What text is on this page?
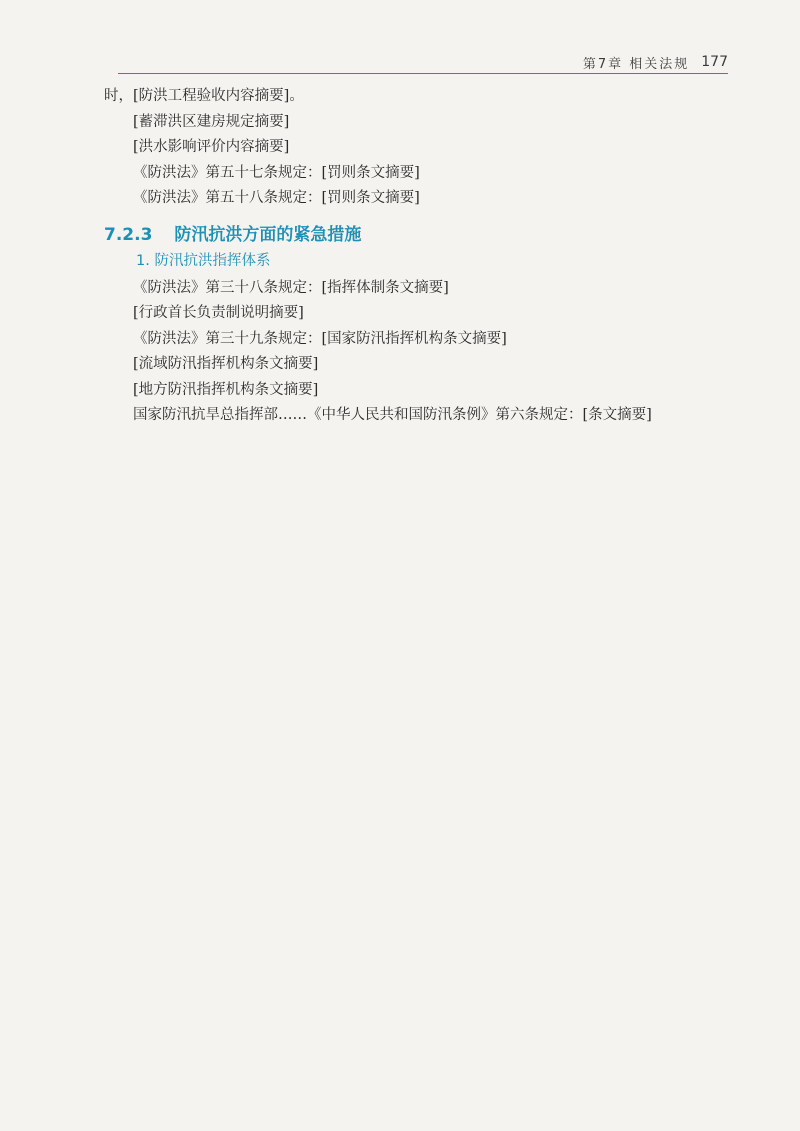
第7章 相关法规 177

时，[防洪工程验收内容摘要]。

[蓄滞洪区建房规定摘要]

[洪水影响评价内容摘要]

《防洪法》第五十七条规定：[罚则条文摘要]

《防洪法》第五十八条规定：[罚则条文摘要]

7.2.3 防汛抗洪方面的紧急措施
1. 防汛抗洪指挥体系

《防洪法》第三十八条规定：[指挥体制条文摘要]

[行政首长负责制说明摘要]

《防洪法》第三十九条规定：[国家防汛指挥机构条文摘要]

[流域防汛指挥机构条文摘要]

[地方防汛指挥机构条文摘要]

国家防汛抗旱总指挥部……《中华人民共和国防汛条例》第六条规定：[条文摘要]
